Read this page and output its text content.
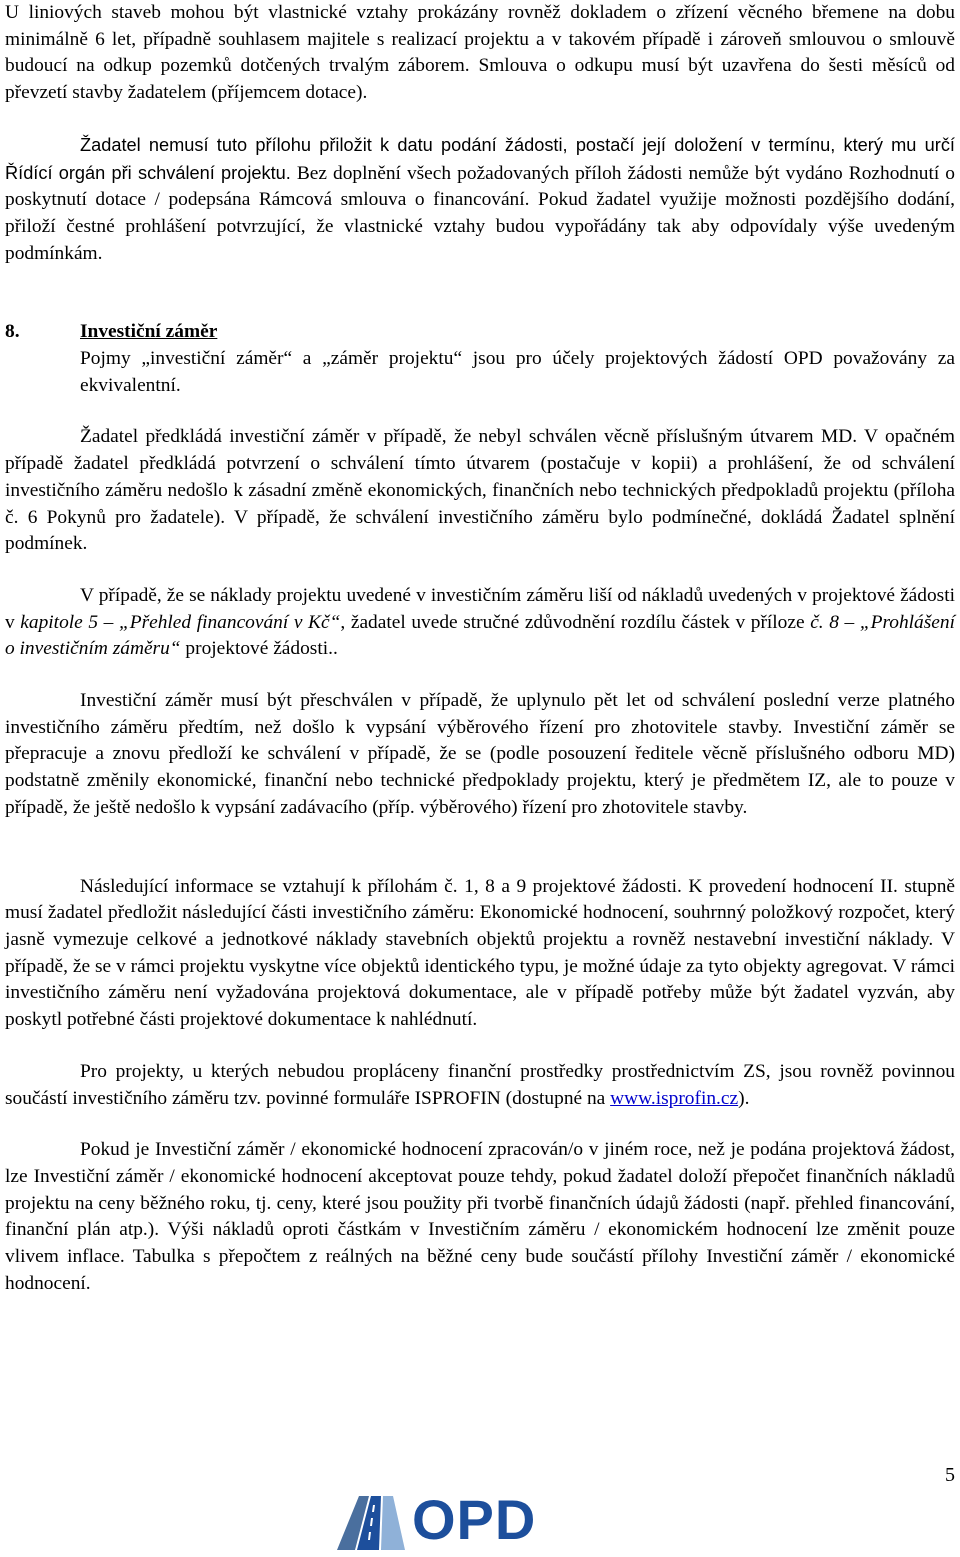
U liniových staveb mohou být vlastnické vztahy prokázány rovněž dokladem o zřízení věcného břemene na dobu minimálně 6 let, případně souhlasem majitele s realizací projektu a v takovém případě i zároveň smlouvou o smlouvě budoucí na odkup pozemků dotčených trvalým záborem. Smlouva o odkupu musí být uzavřena do šesti měsíců od převzetí stavby žadatelem (příjemcem dotace).

Žadatel nemusí tuto přílohu přiložit k datu podání žádosti, postačí její doložení v termínu, který mu určí Řídící orgán při schválení projektu. Bez doplnění všech požadovaných příloh žádosti nemůže být vydáno Rozhodnutí o poskytnutí dotace / podepsána Rámcová smlouva o financování. Pokud žadatel využije možnosti pozdějšího dodání, přiloží čestné prohlášení potvrzující, že vlastnické vztahy budou vypořádány tak aby odpovídaly výše uvedeným podmínkám.

8.	Investiční záměr

Pojmy „investiční záměr“ a „záměr projektu“ jsou pro účely projektových žádostí OPD považovány za ekvivalentní.

Žadatel předkládá investiční záměr v případě, že nebyl schválen věcně příslušným útvarem MD. V opačném případě žadatel předkládá potvrzení o schválení tímto útvarem (postačuje v kopii) a prohlášení, že od schválení investičního záměru nedošlo k zásadní změně ekonomických, finančních nebo technických předpokladů projektu (příloha č. 6 Pokynů pro žadatele). V případě, že schválení investičního záměru bylo podmínečné, dokládá Žadatel splnění podmínek.

V případě, že se náklady projektu uvedené v investičním záměru liší od nákladů uvedených v projektové žádosti v kapitole 5 – „Přehled financování v Kč“, žadatel uvede stručné zdůvodnění rozdílu částek v příloze č. 8 – „Prohlášení o investičním záměru“ projektové žádosti..

Investiční záměr musí být přeschválen v případě, že uplynulo pět let od schválení poslední verze platného investičního záměru předtím, než došlo k vypsání výběrového řízení pro zhotovitele stavby. Investiční záměr se přepracuje a znovu předloží ke schválení v případě, že se (podle posouzení ředitele věcně příslušného odboru MD) podstatně změnily ekonomické, finanční nebo technické předpoklady projektu, který je předmětem IZ, ale to pouze v případě, že ještě nedošlo k vypsání zadávacího (příp. výběrového) řízení pro zhotovitele stavby.

Následující informace se vztahují k přílohám č. 1, 8 a 9 projektové žádosti. K provedení hodnocení II. stupně musí žadatel předložit následující části investičního záměru: Ekonomické hodnocení, souhrnný položkový rozpočet, který jasně vymezuje celkové a jednotkové náklady stavebních objektů projektu a rovněž nestavební investiční náklady. V případě, že se v rámci projektu vyskytne více objektů identického typu, je možné údaje za tyto objekty agregovat. V rámci investičního záměru není vyžadována projektová dokumentace, ale v případě potřeby může být žadatel vyzván, aby poskytl potřebné části projektové dokumentace k nahlédnutí.

Pro projekty, u kterých nebudou propláceny finanční prostředky prostřednictvím ZS, jsou rovněž povinnou součástí investičního záměru tzv. povinné formuláře ISPROFIN (dostupné na www.isprofin.cz).

Pokud je Investiční záměr / ekonomické hodnocení zpracován/o v jiném roce, než je podána projektová žádost, lze Investiční záměr / ekonomické hodnocení akceptovat pouze tehdy, pokud žadatel doloží přepočet finančních nákladů projektu na ceny běžného roku, tj. ceny, které jsou použity při tvorbě finančních údajů žádosti (např. přehled financování, finanční plán atp.). Výši nákladů oproti částkám v Investičním záměru / ekonomickém hodnocení lze změnit pouze vlivem inflace. Tabulka s přepočtem z reálných na běžné ceny bude součástí přílohy Investiční záměr / ekonomické hodnocení.

5
OPD
